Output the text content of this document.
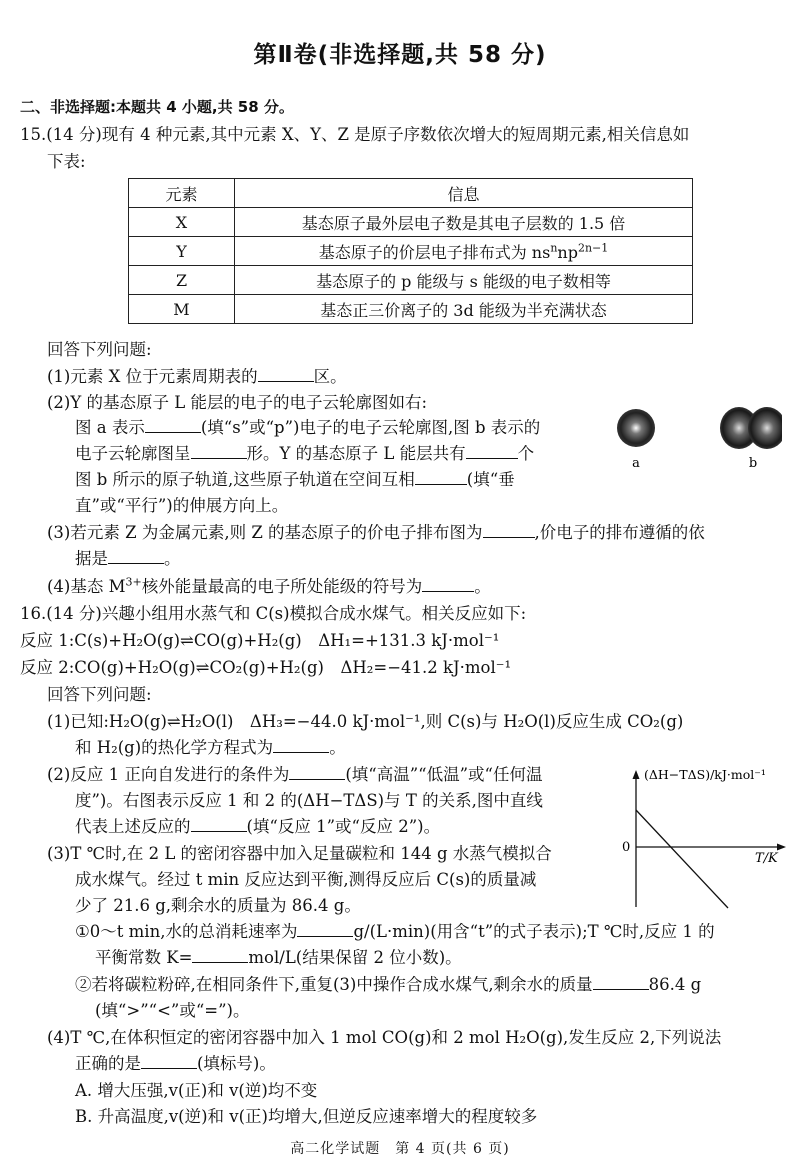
第Ⅱ卷(非选择题,共 58 分)
二、非选择题:本题共 4 小题,共 58 分。
15.(14 分)现有 4 种元素,其中元素 X、Y、Z 是原子序数依次增大的短周期元素,相关信息如
下表:
元素	信息
X	基态原子最外层电子数是其电子层数的 1.5 倍
Y	基态原子的价层电子排布式为 $ns^nnp^{2n-1}$
Z	基态原子的 p 能级与 s 能级的电子数相等
M	基态正三价离子的 3d 能级为半充满状态
回答下列问题:
(1)元素 X 位于元素周期表的	区。
(2)Y 的基态原子 L 能层的电子的电子云轮廓图如右:
图 a 表示	(填“s”或“p”)电子的电子云轮廓图,图 b 表示的
电子云轮廓图呈	形。Y 的基态原子 L 能层共有	个
图 b 所示的原子轨道,这些原子轨道在空间互相	(填“垂
直”或“平行”)的伸展方向上。
a	b
(3)若元素 Z 为金属元素,则 Z 的基态原子的价电子排布图为	,价电子的排布遵循的依
据是	。
(4)基态 $M^{3+}$核外能量最高的电子所处能级的符号为	。
16.(14 分)兴趣小组用水蒸气和 C(s)模拟合成水煤气。相关反应如下:
反应 1:C(s)+H₂O(g)⇌CO(g)+H₂(g)　ΔH₁=+131.3 kJ·mol⁻¹
反应 2:CO(g)+H₂O(g)⇌CO₂(g)+H₂(g)　ΔH₂=−41.2 kJ·mol⁻¹
回答下列问题:
(1)已知:H₂O(g)⇌H₂O(l)　ΔH₃=−44.0 kJ·mol⁻¹,则 C(s)与 H₂O(l)反应生成 CO₂(g)
和 H₂(g)的热化学方程式为	。
(2)反应 1 正向自发进行的条件为	(填“高温”“低温”或“任何温
度”)。右图表示反应 1 和 2 的(ΔH−TΔS)与 T 的关系,图中直线
代表上述反应的	(填“反应 1”或“反应 2”)。
(ΔH−TΔS)/kJ·mol⁻¹
T/K
0
(3)T ℃时,在 2 L 的密闭容器中加入足量碳粒和 144 g 水蒸气模拟合
成水煤气。经过 t min 反应达到平衡,测得反应后 C(s)的质量减
少了 21.6 g,剩余水的质量为 86.4 g。
①0～t min,水的总消耗速率为	g/(L·min)(用含“t”的式子表示);T ℃时,反应 1 的
平衡常数 K=	mol/L(结果保留 2 位小数)。
②若将碳粒粉碎,在相同条件下,重复(3)中操作合成水煤气,剩余水的质量	86.4 g
(填“>”“<”或“=”)。
(4)T ℃,在体积恒定的密闭容器中加入 1 mol CO(g)和 2 mol H₂O(g),发生反应 2,下列说法
正确的是	(填标号)。
A. 增大压强,v(正)和 v(逆)均不变
B. 升高温度,v(逆)和 v(正)均增大,但逆反应速率增大的程度较多
高二化学试题　第 4 页(共 6 页)
